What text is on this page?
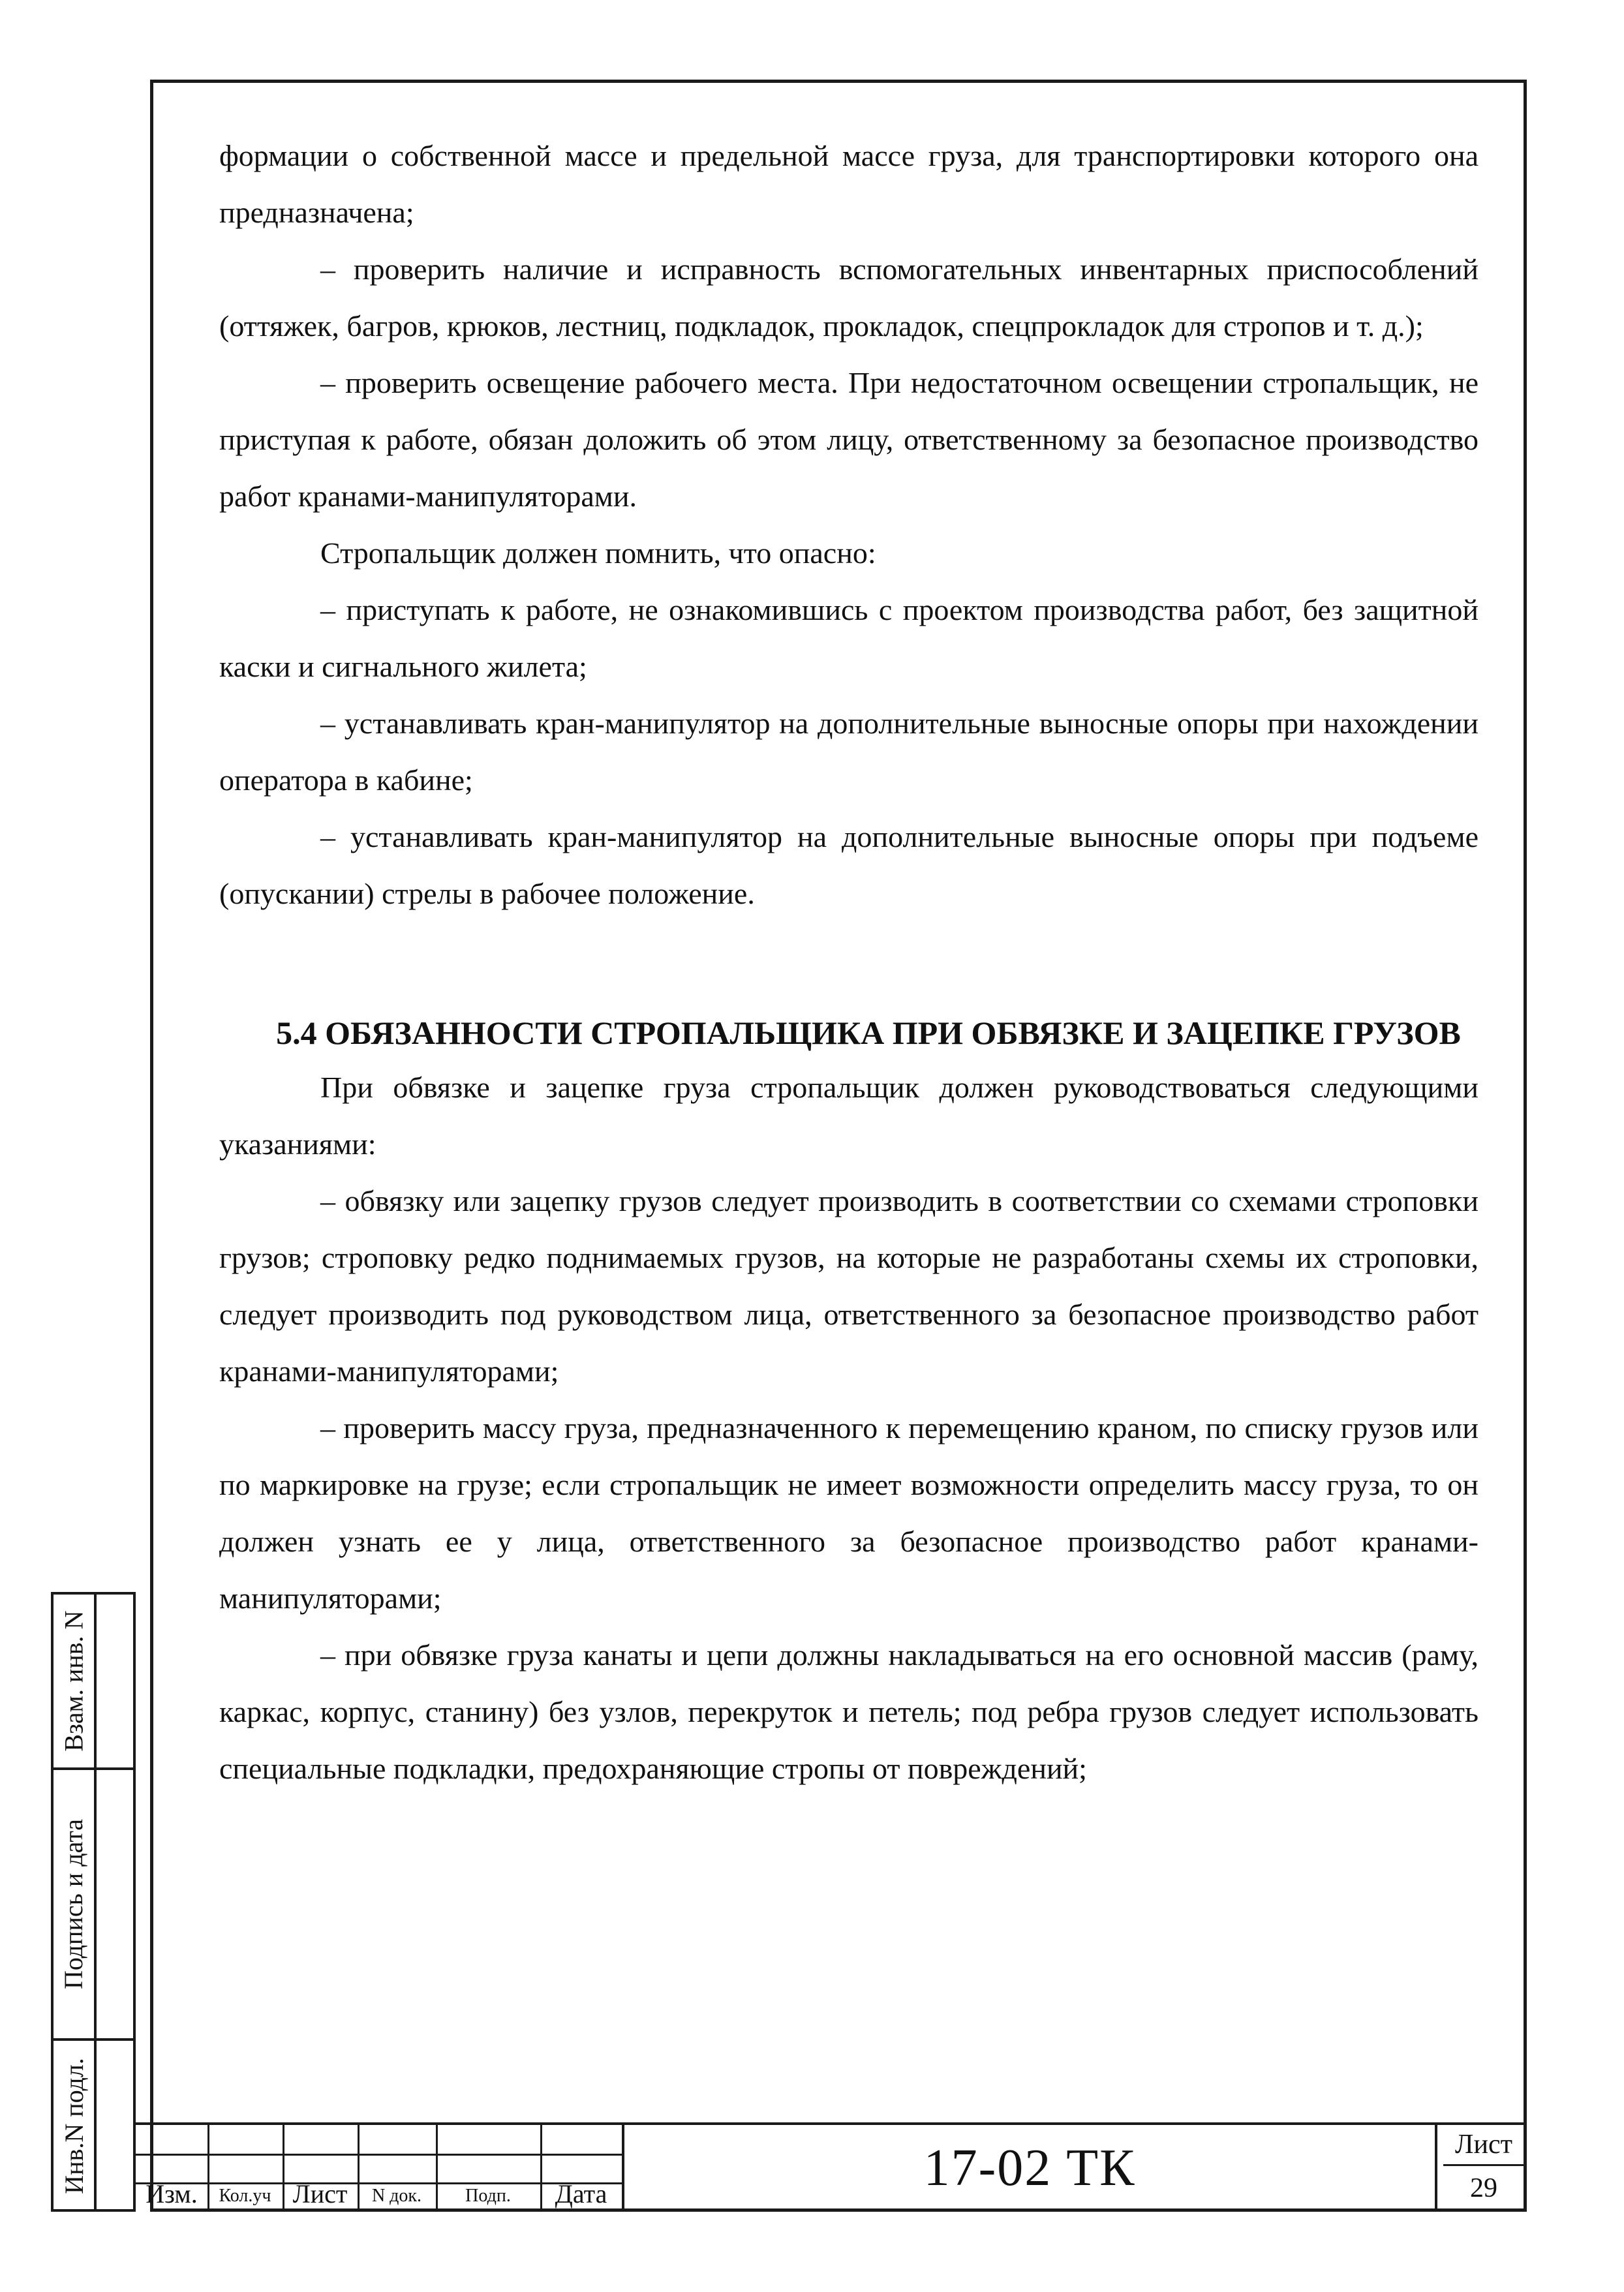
формации о собственной массе и предельной массе груза, для транспортировки которого она предназначена;

– проверить наличие и исправность вспомогательных инвентарных приспособлений (оттяжек, багров, крюков, лестниц, подкладок, прокладок, спецпрокладок для стропов и т. д.);

– проверить освещение рабочего места. При недостаточном освещении стропальщик, не приступая к работе, обязан доложить об этом лицу, ответственному за безопасное производство работ кранами-манипуляторами.

Стропальщик должен помнить, что опасно:

– приступать к работе, не ознакомившись с проектом производства работ, без защитной каски и сигнального жилета;

– устанавливать кран-манипулятор на дополнительные выносные опоры при нахождении оператора в кабине;

– устанавливать кран-манипулятор на дополнительные выносные опоры при подъеме (опускании) стрелы в рабочее положение.

5.4 ОБЯЗАННОСТИ СТРОПАЛЬЩИКА ПРИ ОБВЯЗКЕ И ЗАЦЕПКЕ ГРУЗОВ

При обвязке и зацепке груза стропальщик должен руководствоваться следующими указаниями:

– обвязку или зацепку грузов следует производить в соответствии со схемами строповки грузов; строповку редко поднимаемых грузов, на которые не разработаны схемы их строповки, следует производить под руководством лица, ответственного за безопасное производство работ кранами-манипуляторами;

– проверить массу груза, предназначенного к перемещению краном, по списку грузов или по маркировке на грузе; если стропальщик не имеет возможности определить массу груза, то он должен узнать ее у лица, ответственного за безопасное производство работ кранами-манипуляторами;

– при обвязке груза канаты и цепи должны накладываться на его основной массив (раму, каркас, корпус, станину) без узлов, перекруток и петель; под ребра грузов следует использовать специальные подкладки, предохраняющие стропы от повреждений;

Взам. инв. N
Подпись и дата
Инв.N подл.	Изм.	Кол.уч Лист	N док.	Подп.	Дата	17-02 ТК	Лист
29
